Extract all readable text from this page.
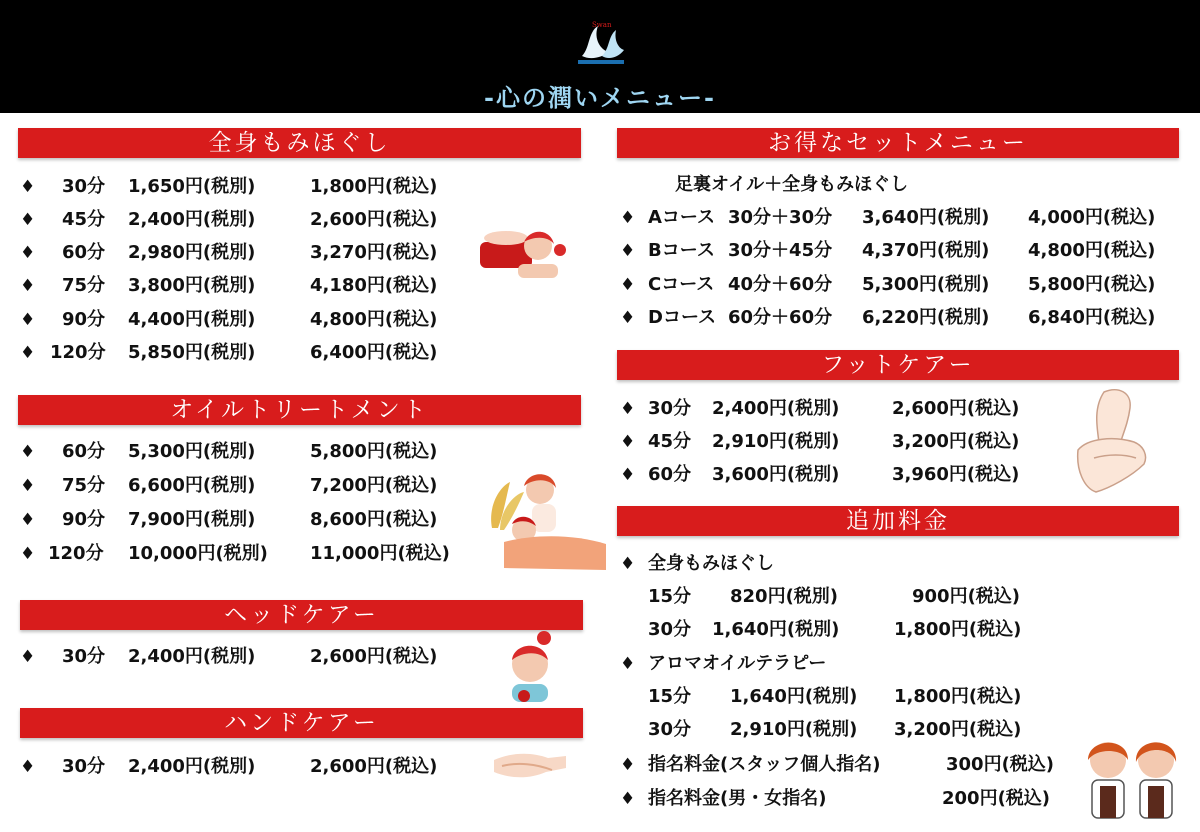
Swan
-心の潤いメニュー-
全身もみほぐし
♦ 30分 1,650円(税別)	1,800円(税込)
♦ 45分 2,400円(税別)	2,600円(税込)
♦ 60分 2,980円(税別)	3,270円(税込)
♦ 75分 3,800円(税別)	4,180円(税込)
♦ 90分 4,400円(税別)	4,800円(税込)
♦ 120分 5,850円(税別)	6,400円(税込)
オイルトリートメント
♦ 60分 5,300円(税別)	5,800円(税込)
♦ 75分 6,600円(税別)	7,200円(税込)
♦ 90分 7,900円(税別)	8,600円(税込)
♦ 120分 10,000円(税別) 11,000円(税込)
ヘッドケアー
♦ 30分 2,400円(税別)	2,600円(税込)
ハンドケアー
♦ 30分 2,400円(税別)	2,600円(税込)
お得なセットメニュー
足裏オイル＋全身もみほぐし
♦ Aコース 30分＋30分 3,640円(税別) 4,000円(税込)
♦ Bコース 30分＋45分 4,370円(税別) 4,800円(税込)
♦ Cコース 40分＋60分 5,300円(税別) 5,800円(税込)
♦ Dコース 60分＋60分 6,220円(税別) 6,840円(税込)
フットケアー
♦ 30分 2,400円(税別)	2,600円(税込)
♦ 45分 2,910円(税別)	3,200円(税込)
♦ 60分 3,600円(税別)	3,960円(税込)
追加料金
♦ 全身もみほぐし
15分 820円(税別)	900円(税込)
30分 1,640円(税別)	1,800円(税込)
♦ アロマオイルテラピー
15分 1,640円(税別) 1,800円(税込)
30分 2,910円(税別) 3,200円(税込)
♦ 指名料金(スタッフ個人指名)	300円(税込)
♦ 指名料金(男・女指名)	200円(税込)
